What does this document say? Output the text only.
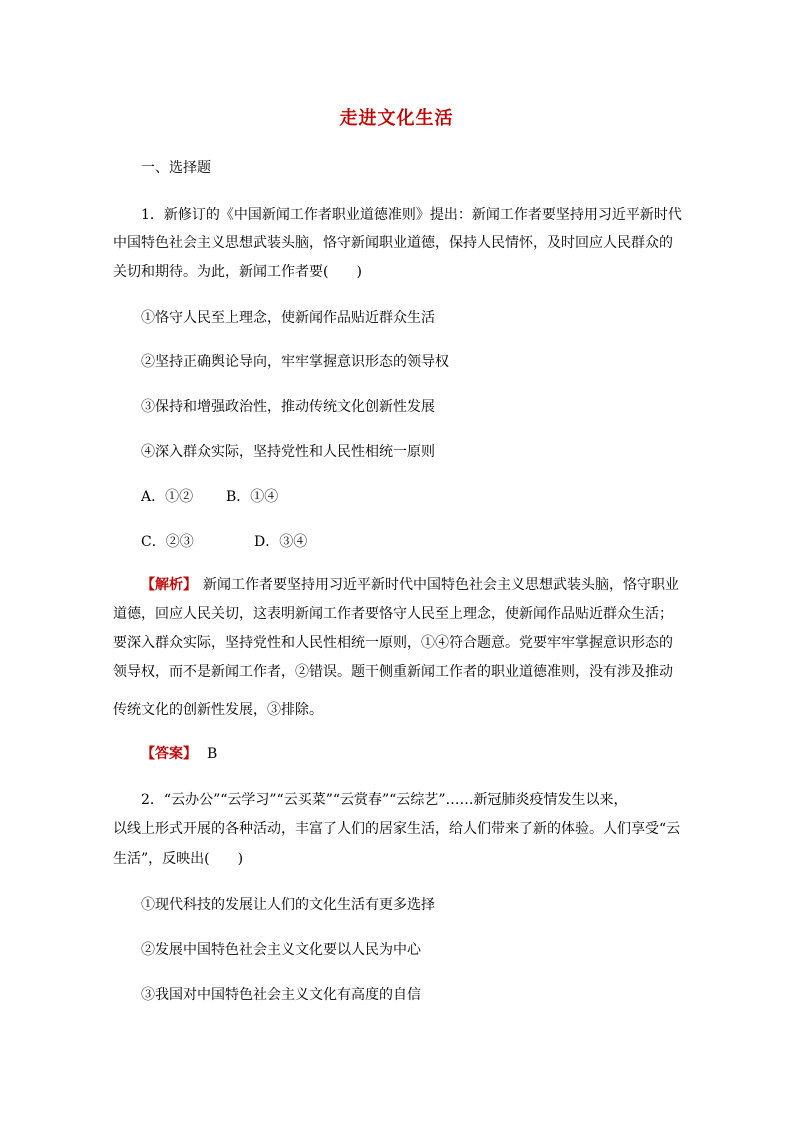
走进文化生活
一、选择题
1．新修订的《中国新闻工作者职业道德准则》提出：新闻工作者要坚持用习近平新时代
中国特色社会主义思想武装头脑，恪守新闻职业道德，保持人民情怀，及时回应人民群众的
关切和期待。为此，新闻工作者要(　　)
①恪守人民至上理念，使新闻作品贴近群众生活
②坚持正确舆论导向，牢牢掌握意识形态的领导权
③保持和增强政治性，推动传统文化创新性发展
④深入群众实际，坚持党性和人民性相统一原则
A．①② B．①④
C．②③	D．③④
【解析】 新闻工作者要坚持用习近平新时代中国特色社会主义思想武装头脑，恪守职业
道德，回应人民关切，这表明新闻工作者要恪守人民至上理念，使新闻作品贴近群众生活；
要深入群众实际，坚持党性和人民性相统一原则，①④符合题意。党要牢牢掌握意识形态的
领导权，而不是新闻工作者，②错误。题干侧重新闻工作者的职业道德准则，没有涉及推动
传统文化的创新性发展，③排除。
【答案】 B
2．“云办公”“云学习”“云买菜”“云赏春”“云综艺”……新冠肺炎疫情发生以来，
以线上形式开展的各种活动，丰富了人们的居家生活，给人们带来了新的体验。人们享受“云
生活”，反映出(　　)
①现代科技的发展让人们的文化生活有更多选择
②发展中国特色社会主义文化要以人民为中心
③我国对中国特色社会主义文化有高度的自信
